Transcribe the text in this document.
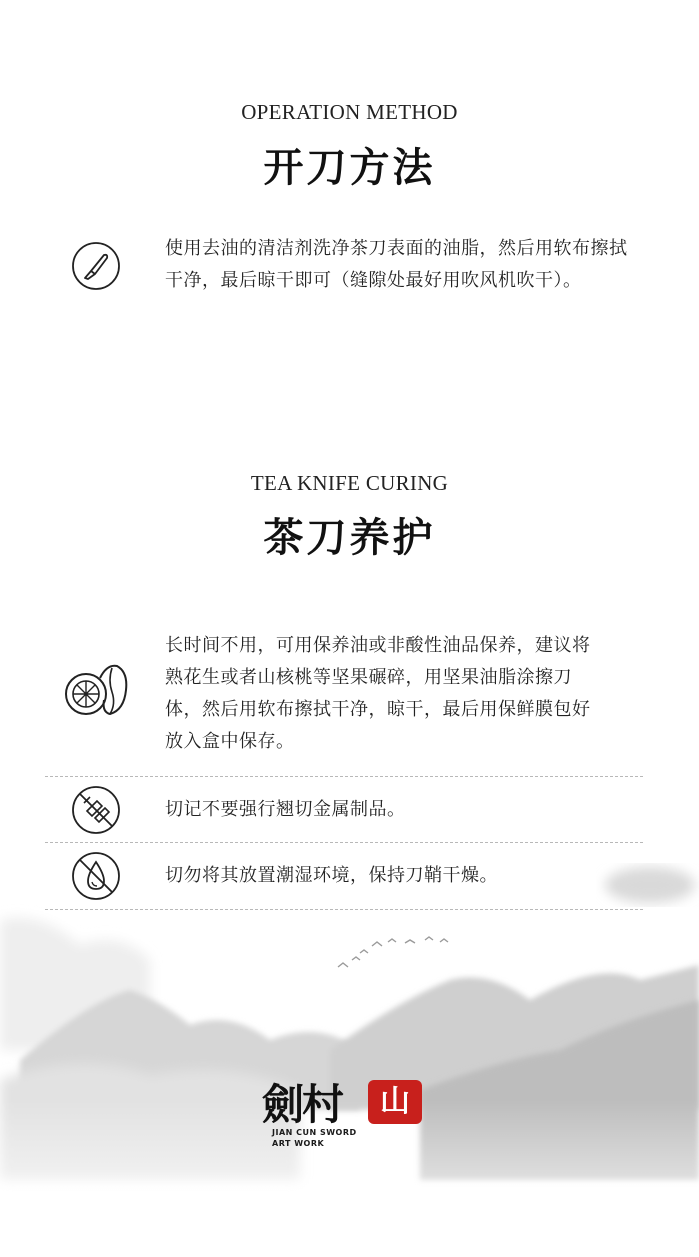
OPERATION METHOD
开刀方法
使用去油的清洁剂洗净茶刀表面的油脂，然后用软布擦拭
干净，最后晾干即可（缝隙处最好用吹风机吹干）。
TEA KNIFE CURING
茶刀养护
长时间不用，可用保养油或非酸性油品保养，建议将
熟花生或者山核桃等坚果碾碎，用坚果油脂涂擦刀
体，然后用软布擦拭干净，晾干，最后用保鲜膜包好
放入盒中保存。
切记不要强行翘切金属制品。
切勿将其放置潮湿环境，保持刀鞘干燥。
劍村	山
JIAN CUN SWORD
ART WORK
